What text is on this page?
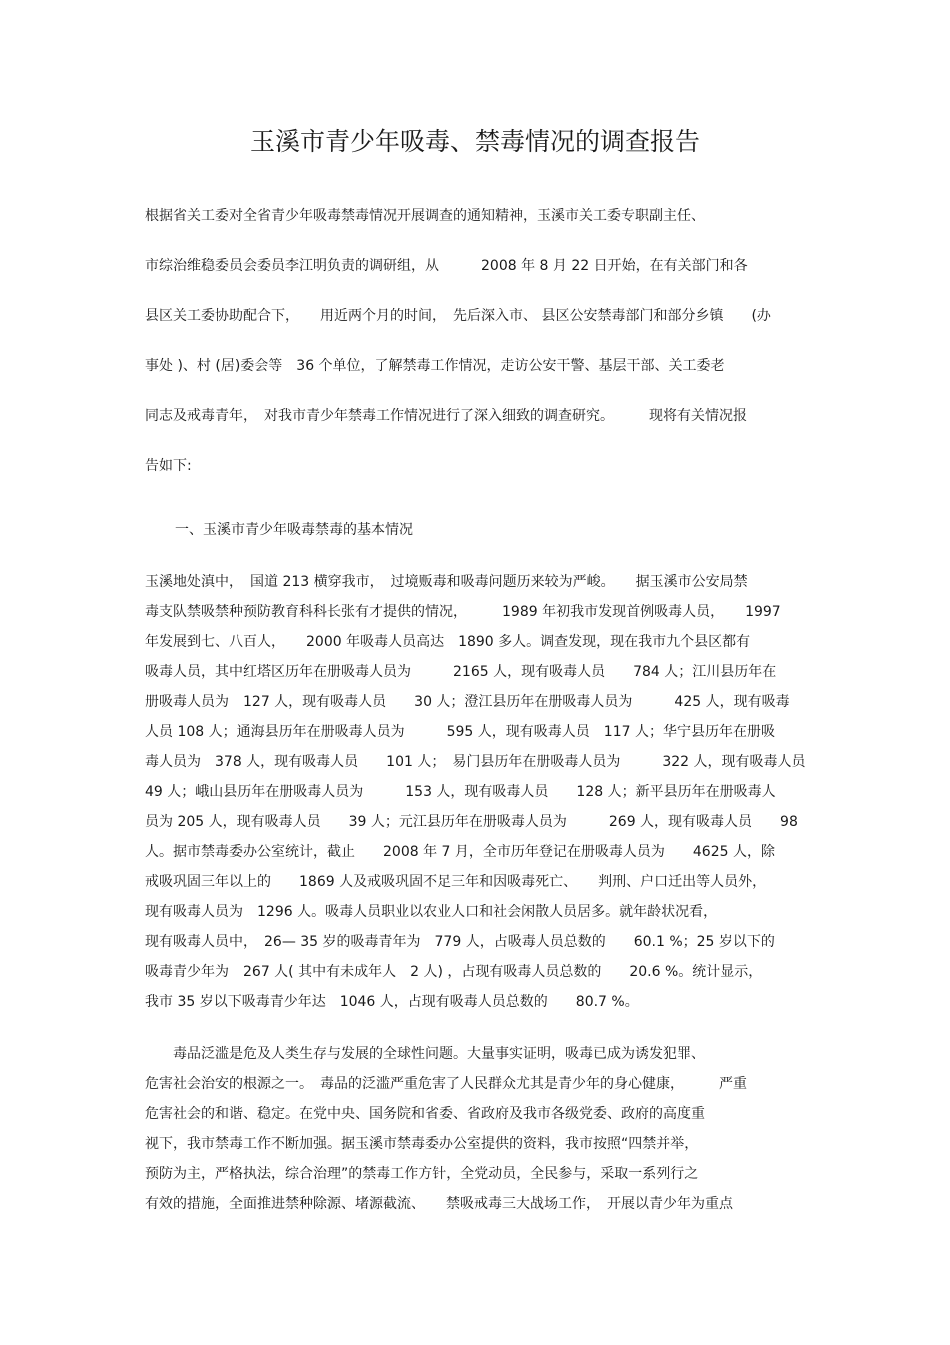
玉溪市青少年吸毒、禁毒情况的调查报告
根据省关工委对全省青少年吸毒禁毒情况开展调查的通知精神，玉溪市关工委专职副主任、
市综治维稳委员会委员李江明负责的调研组，从　　　2008 年 8 月 22 日开始，在有关部门和各
县区关工委协助配合下，　　用近两个月的时间，　先后深入市、 县区公安禁毒部门和部分乡镇　　(办
事处 )、村 (居)委会等　36 个单位，了解禁毒工作情况，走访公安干警、基层干部、关工委老
同志及戒毒青年，　对我市青少年禁毒工作情况进行了深入细致的调查研究。　　　现将有关情况报
告如下:
一、玉溪市青少年吸毒禁毒的基本情况
玉溪地处滇中，　国道 213 横穿我市，　过境贩毒和吸毒问题历来较为严峻。　　据玉溪市公安局禁
毒支队禁吸禁种预防教育科科长张有才提供的情况，　　　1989 年初我市发现首例吸毒人员，　　1997
年发展到七、八百人，　　2000 年吸毒人员高达　1890 多人。调查发现，现在我市九个县区都有
吸毒人员，其中红塔区历年在册吸毒人员为　　　2165 人，现有吸毒人员　　784 人；江川县历年在
册吸毒人员为　127 人，现有吸毒人员　　30 人；澄江县历年在册吸毒人员为　　　425 人，现有吸毒
人员 108 人；通海县历年在册吸毒人员为　　　595 人，现有吸毒人员　117 人；华宁县历年在册吸
毒人员为　378 人，现有吸毒人员　　101 人；　易门县历年在册吸毒人员为　　　322 人，现有吸毒人员
49 人；峨山县历年在册吸毒人员为　　　153 人，现有吸毒人员　　128 人；新平县历年在册吸毒人
员为 205 人，现有吸毒人员　　39 人；元江县历年在册吸毒人员为　　　269 人，现有吸毒人员　　98
人。据市禁毒委办公室统计，截止　　2008 年 7 月，全市历年登记在册吸毒人员为　　4625 人，除
戒吸巩固三年以上的　　1869 人及戒吸巩固不足三年和因吸毒死亡、　　判刑、户口迁出等人员外，
现有吸毒人员为　1296 人。吸毒人员职业以农业人口和社会闲散人员居多。就年龄状况看，
现有吸毒人员中，　26— 35 岁的吸毒青年为　779 人，占吸毒人员总数的　　60.1 %；25 岁以下的
吸毒青少年为　267 人( 其中有未成年人　2 人) ，占现有吸毒人员总数的　　20.6 %。统计显示，
我市 35 岁以下吸毒青少年达　1046 人，占现有吸毒人员总数的　　80.7 %。
　　毒品泛滥是危及人类生存与发展的全球性问题。大量事实证明，吸毒已成为诱发犯罪、
危害社会治安的根源之一。　毒品的泛滥严重危害了人民群众尤其是青少年的身心健康，　　　严重
危害社会的和谐、稳定。在党中央、国务院和省委、省政府及我市各级党委、政府的高度重
视下，我市禁毒工作不断加强。据玉溪市禁毒委办公室提供的资料，我市按照“四禁并举，
预防为主，严格执法，综合治理”的禁毒工作方针，全党动员，全民参与，采取一系列行之
有效的措施，全面推进禁种除源、堵源截流、　　禁吸戒毒三大战场工作，　开展以青少年为重点
